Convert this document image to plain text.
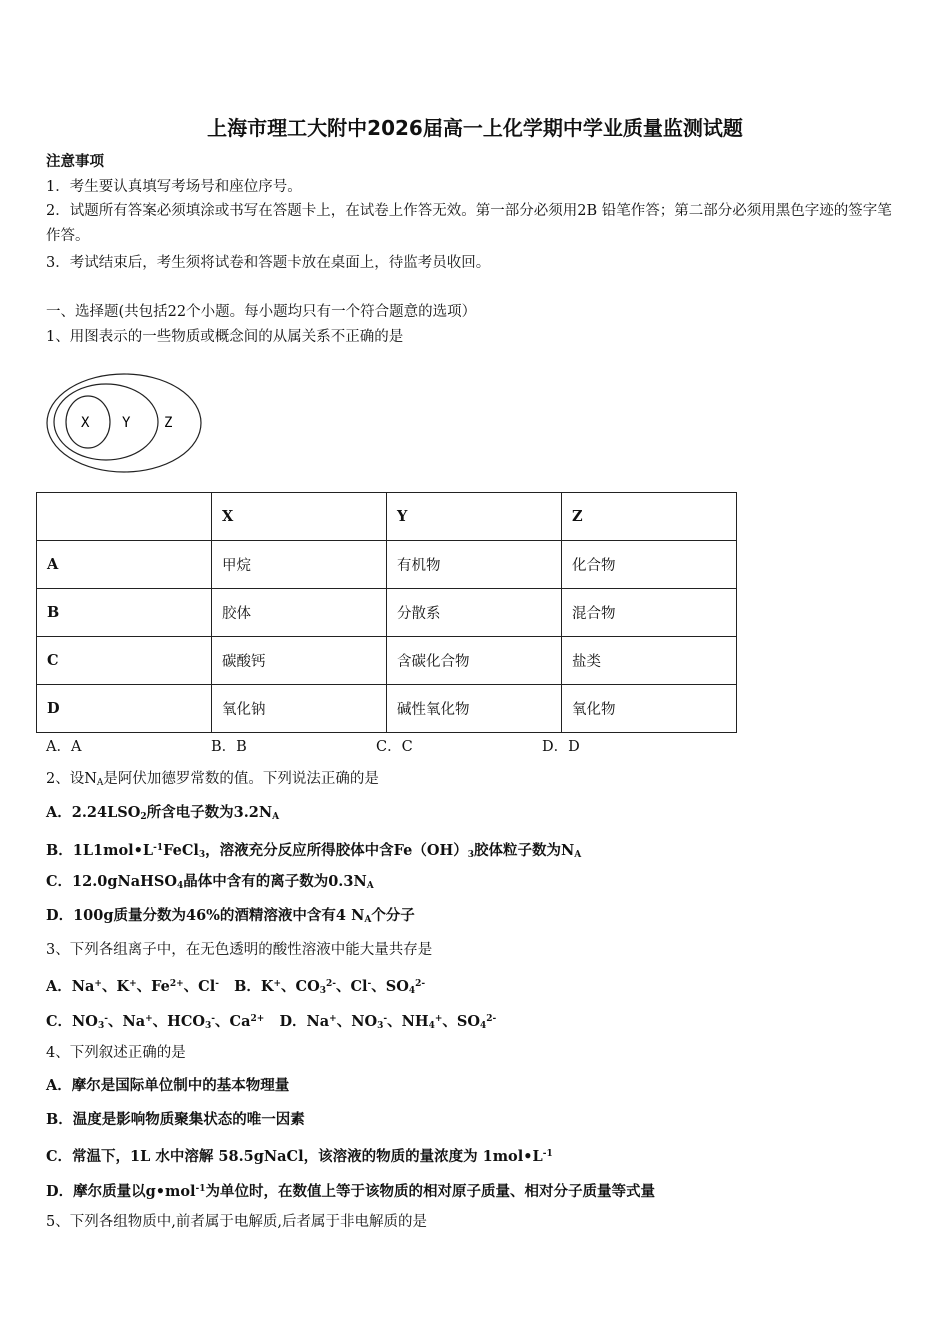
上海市理工大附中2026届高一上化学期中学业质量监测试题
注意事项
1．考生要认真填写考场号和座位序号。
2．试题所有答案必须填涂或书写在答题卡上，在试卷上作答无效。第一部分必须用2B 铅笔作答；第二部分必须用黑色字迹的签字笔作答。
3．考试结束后，考生须将试卷和答题卡放在桌面上，待监考员收回。
一、选择题(共包括22个小题。每小题均只有一个符合题意的选项）
1、用图表示的一些物质或概念间的从属关系不正确的是
X Y Z
	X	Y	Z
A	甲烷	有机物	化合物
B	胶体	分散系	混合物
C	碳酸钙	含碳化合物	盐类
D	氧化钠	碱性氧化物	氧化物
A．A	B．B	C．C	D．D
2、设$N_A$是阿伏加德罗常数的值。下列说法正确的是
A．$2.24LSO_2$所含电子数为$3.2N_A$
B．$1L1mol•L^{-1}FeCl_3$，溶液充分反应所得胶体中含$Fe(OH)_3$胶体粒子数为$N_A$
C．12.0gNaHSO$_4$晶体中含有的离子数为$0.3N_A$
D．100g质量分数为46%的酒精溶液中含有4 $N_A$个分子
3、下列各组离子中，在无色透明的酸性溶液中能大量共存是
A．Na+、K+、$Fe^{2+}$、Cl-   B．K+、$CO_3^{2-}$、Cl-、$SO_4^{2-}$
C．$NO_3^-$、Na+、$HCO_3^-$、$Ca^{2+}$   D．Na+、$NO_3^-$、$NH_4^+$、$SO_4^{2-}$
4、下列叙述正确的是
A．摩尔是国际单位制中的基本物理量
B．温度是影响物质聚集状态的唯一因素
C．常温下，1L 水中溶解 58.5gNaCl，该溶液的物质的量浓度为 $1mol•L^{-1}$
D．摩尔质量以g•mol$^{-1}$为单位时，在数值上等于该物质的相对原子质量、相对分子质量等式量
5、下列各组物质中,前者属于电解质,后者属于非电解质的是
